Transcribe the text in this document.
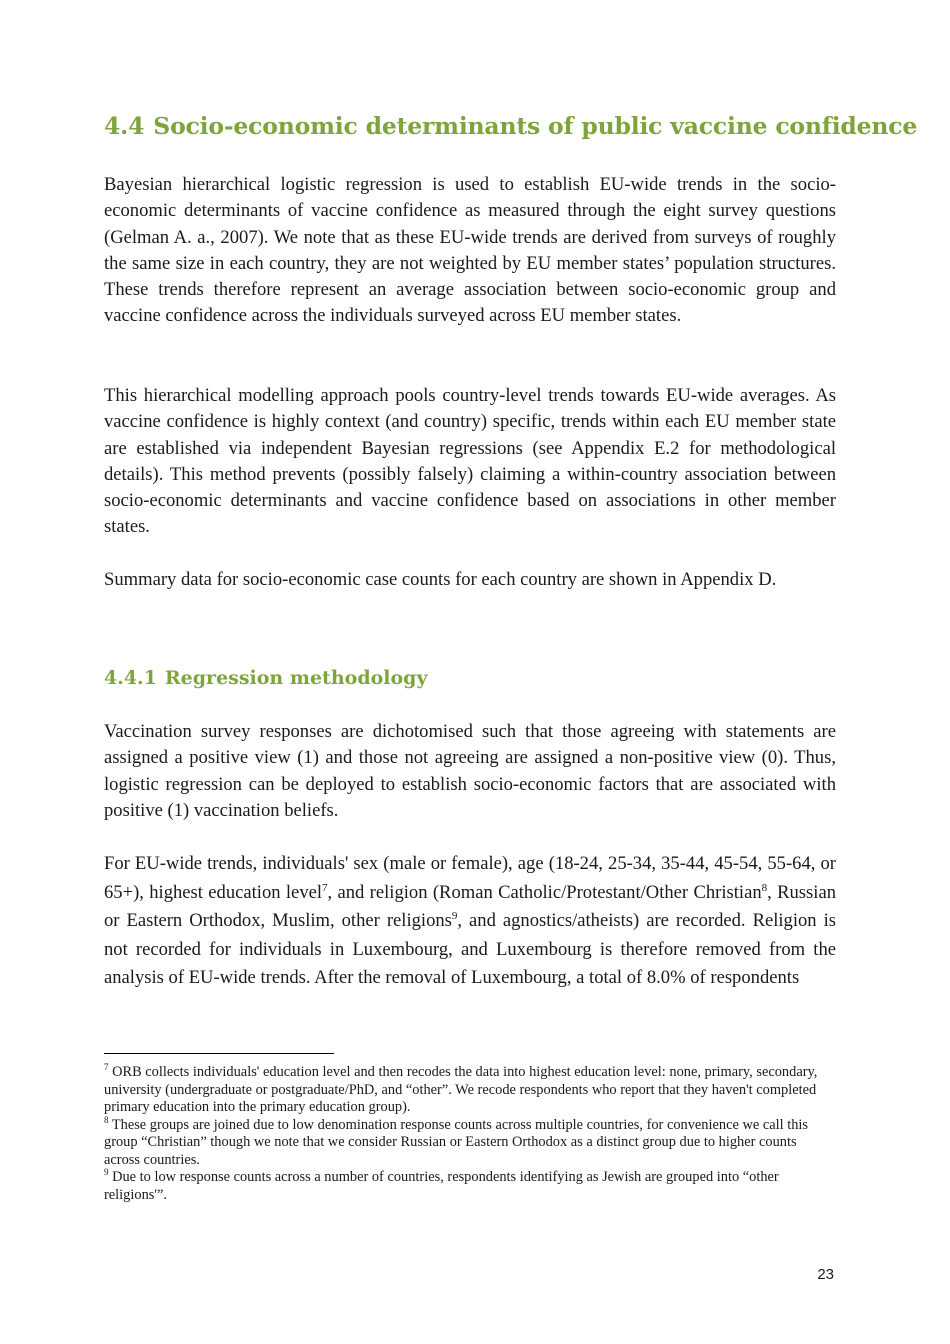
4.4 Socio-economic determinants of public vaccine confidence

Bayesian hierarchical logistic regression is used to establish EU-wide trends in the socio-economic determinants of vaccine confidence as measured through the eight survey questions (Gelman A. a., 2007). We note that as these EU-wide trends are derived from surveys of roughly the same size in each country, they are not weighted by EU member states’ population structures. These trends therefore represent an average association between socio-economic group and vaccine confidence across the individuals surveyed across EU member states.

This hierarchical modelling approach pools country-level trends towards EU-wide averages. As vaccine confidence is highly context (and country) specific, trends within each EU member state are established via independent Bayesian regressions (see Appendix E.2 for methodological details). This method prevents (possibly falsely) claiming a within-country association between socio-economic determinants and vaccine confidence based on associations in other member states.

Summary data for socio-economic case counts for each country are shown in Appendix D.

4.4.1 Regression methodology

Vaccination survey responses are dichotomised such that those agreeing with statements are assigned a positive view (1) and those not agreeing are assigned a non-positive view (0). Thus, logistic regression can be deployed to establish socio-economic factors that are associated with positive (1) vaccination beliefs.

For EU-wide trends, individuals' sex (male or female), age (18-24, 25-34, 35-44, 45-54, 55-64, or 65+), highest education level$^7$, and religion (Roman Catholic/Protestant/Other Christian$^8$, Russian or Eastern Orthodox, Muslim, other religions$^9$, and agnostics/atheists) are recorded. Religion is not recorded for individuals in Luxembourg, and Luxembourg is therefore removed from the analysis of EU-wide trends. After the removal of Luxembourg, a total of 8.0% of respondents

$^7$ ORB collects individuals' education level and then recodes the data into highest education level: none, primary, secondary, university (undergraduate or postgraduate/PhD, and “other”. We recode respondents who report that they haven't completed primary education into the primary education group).

$^8$ These groups are joined due to low denomination response counts across multiple countries, for convenience we call this group “Christian” though we note that we consider Russian or Eastern Orthodox as a distinct group due to higher counts across countries.

$^9$ Due to low response counts across a number of countries, respondents identifying as Jewish are grouped into “other religions'”.

23
